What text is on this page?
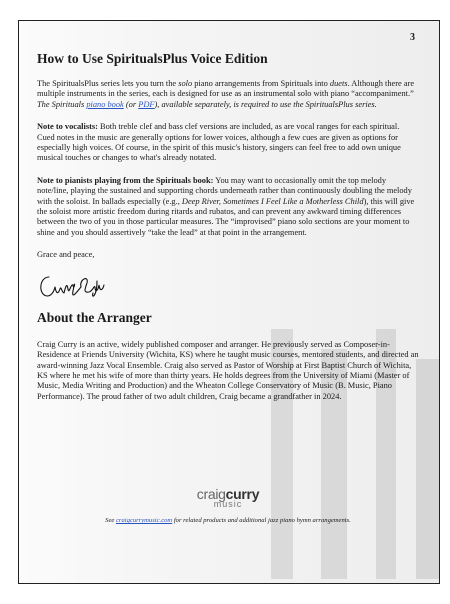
3
How to Use SpiritualsPlus Voice Edition

The SpiritualsPlus series lets you turn the solo piano arrangements from Spirituals into duets. Although there are multiple instruments in the series, each is designed for use as an instrumental solo with piano “accompaniment.” The Spirituals piano book (or PDF), available separately, is required to use the SpiritualsPlus series.

Note to vocalists: Both treble clef and bass clef versions are included, as are vocal ranges for each spiritual. Cued notes in the music are generally options for lower voices, although a few cues are given as options for especially high voices. Of course, in the spirit of this music's history, singers can feel free to add own unique musical touches or changes to what's already notated.

Note to pianists playing from the Spirituals book: You may want to occasionally omit the top melody note/line, playing the sustained and supporting chords underneath rather than continuously doubling the melody with the soloist. In ballads especially (e.g., Deep River, Sometimes I Feel Like a Motherless Child), this will give the soloist more artistic freedom during ritards and rubatos, and can prevent any awkward timing differences between the two of you in those particular measures. The “improvised” piano solo sections are your moment to shine and you should assertively “take the lead” at that point in the arrangement.

Grace and peace,

About the Arranger

Craig Curry is an active, widely published composer and arranger. He previously served as Composer-in-Residence at Friends University (Wichita, KS) where he taught music courses, mentored students, and directed an award-winning Jazz Vocal Ensemble. Craig also served as Pastor of Worship at First Baptist Church of Wichita, KS where he met his wife of more than thirty years. He holds degrees from the University of Miami (Master of Music, Media Writing and Production) and the Wheaton College Conservatory of Music (B. Music, Piano Performance). The proud father of two adult children, Craig became a grandfather in 2024.

craigcurry
music
See craigcurrymusic.com for related products and additional jazz piano hymn arrangements.
